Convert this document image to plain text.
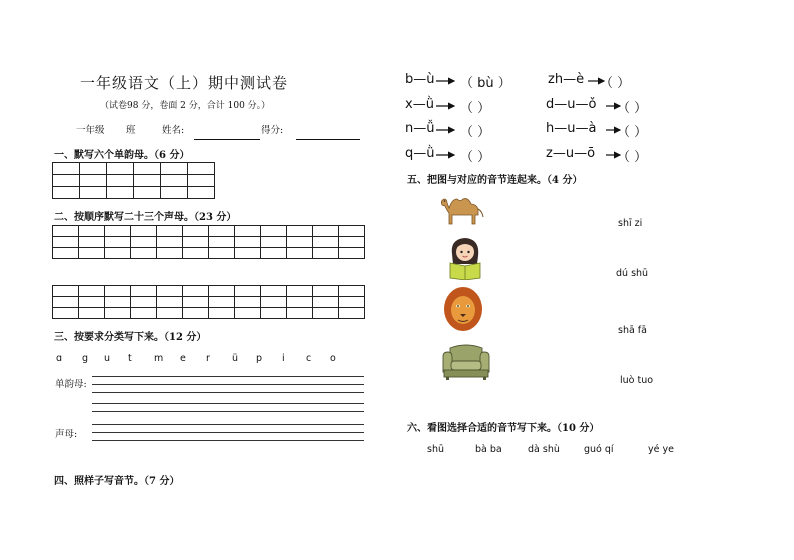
一年级语文（上）期中测试卷
（试卷98 分，卷面 2 分，合计 100 分。）
一年级 班	姓名:	得分:
一、默写六个单韵母。（6 分）

二、按顺序默写二十三个声母。（23 分）

三、按要求分类写下来。（12 分）
ɑ g u t m e r ü p i c o
单韵母:
声母:
四、照样子写音节。（7 分）
b—ù （ bù ）
x—ǜ （ ）
n—ǚ （ ）
q—ǜ （ ）
zh—è （ ）
d—u—ǒ （ ）
h—u—à （ ）
z—u—ō （ ）
五、把图与对应的音节连起来。（4 分）
shī zi
dú shū
shā fā
luò tuo
六、看图选择合适的音节写下来。（10 分）
shū	bà ba	dà shù	guó qí	yé ye
